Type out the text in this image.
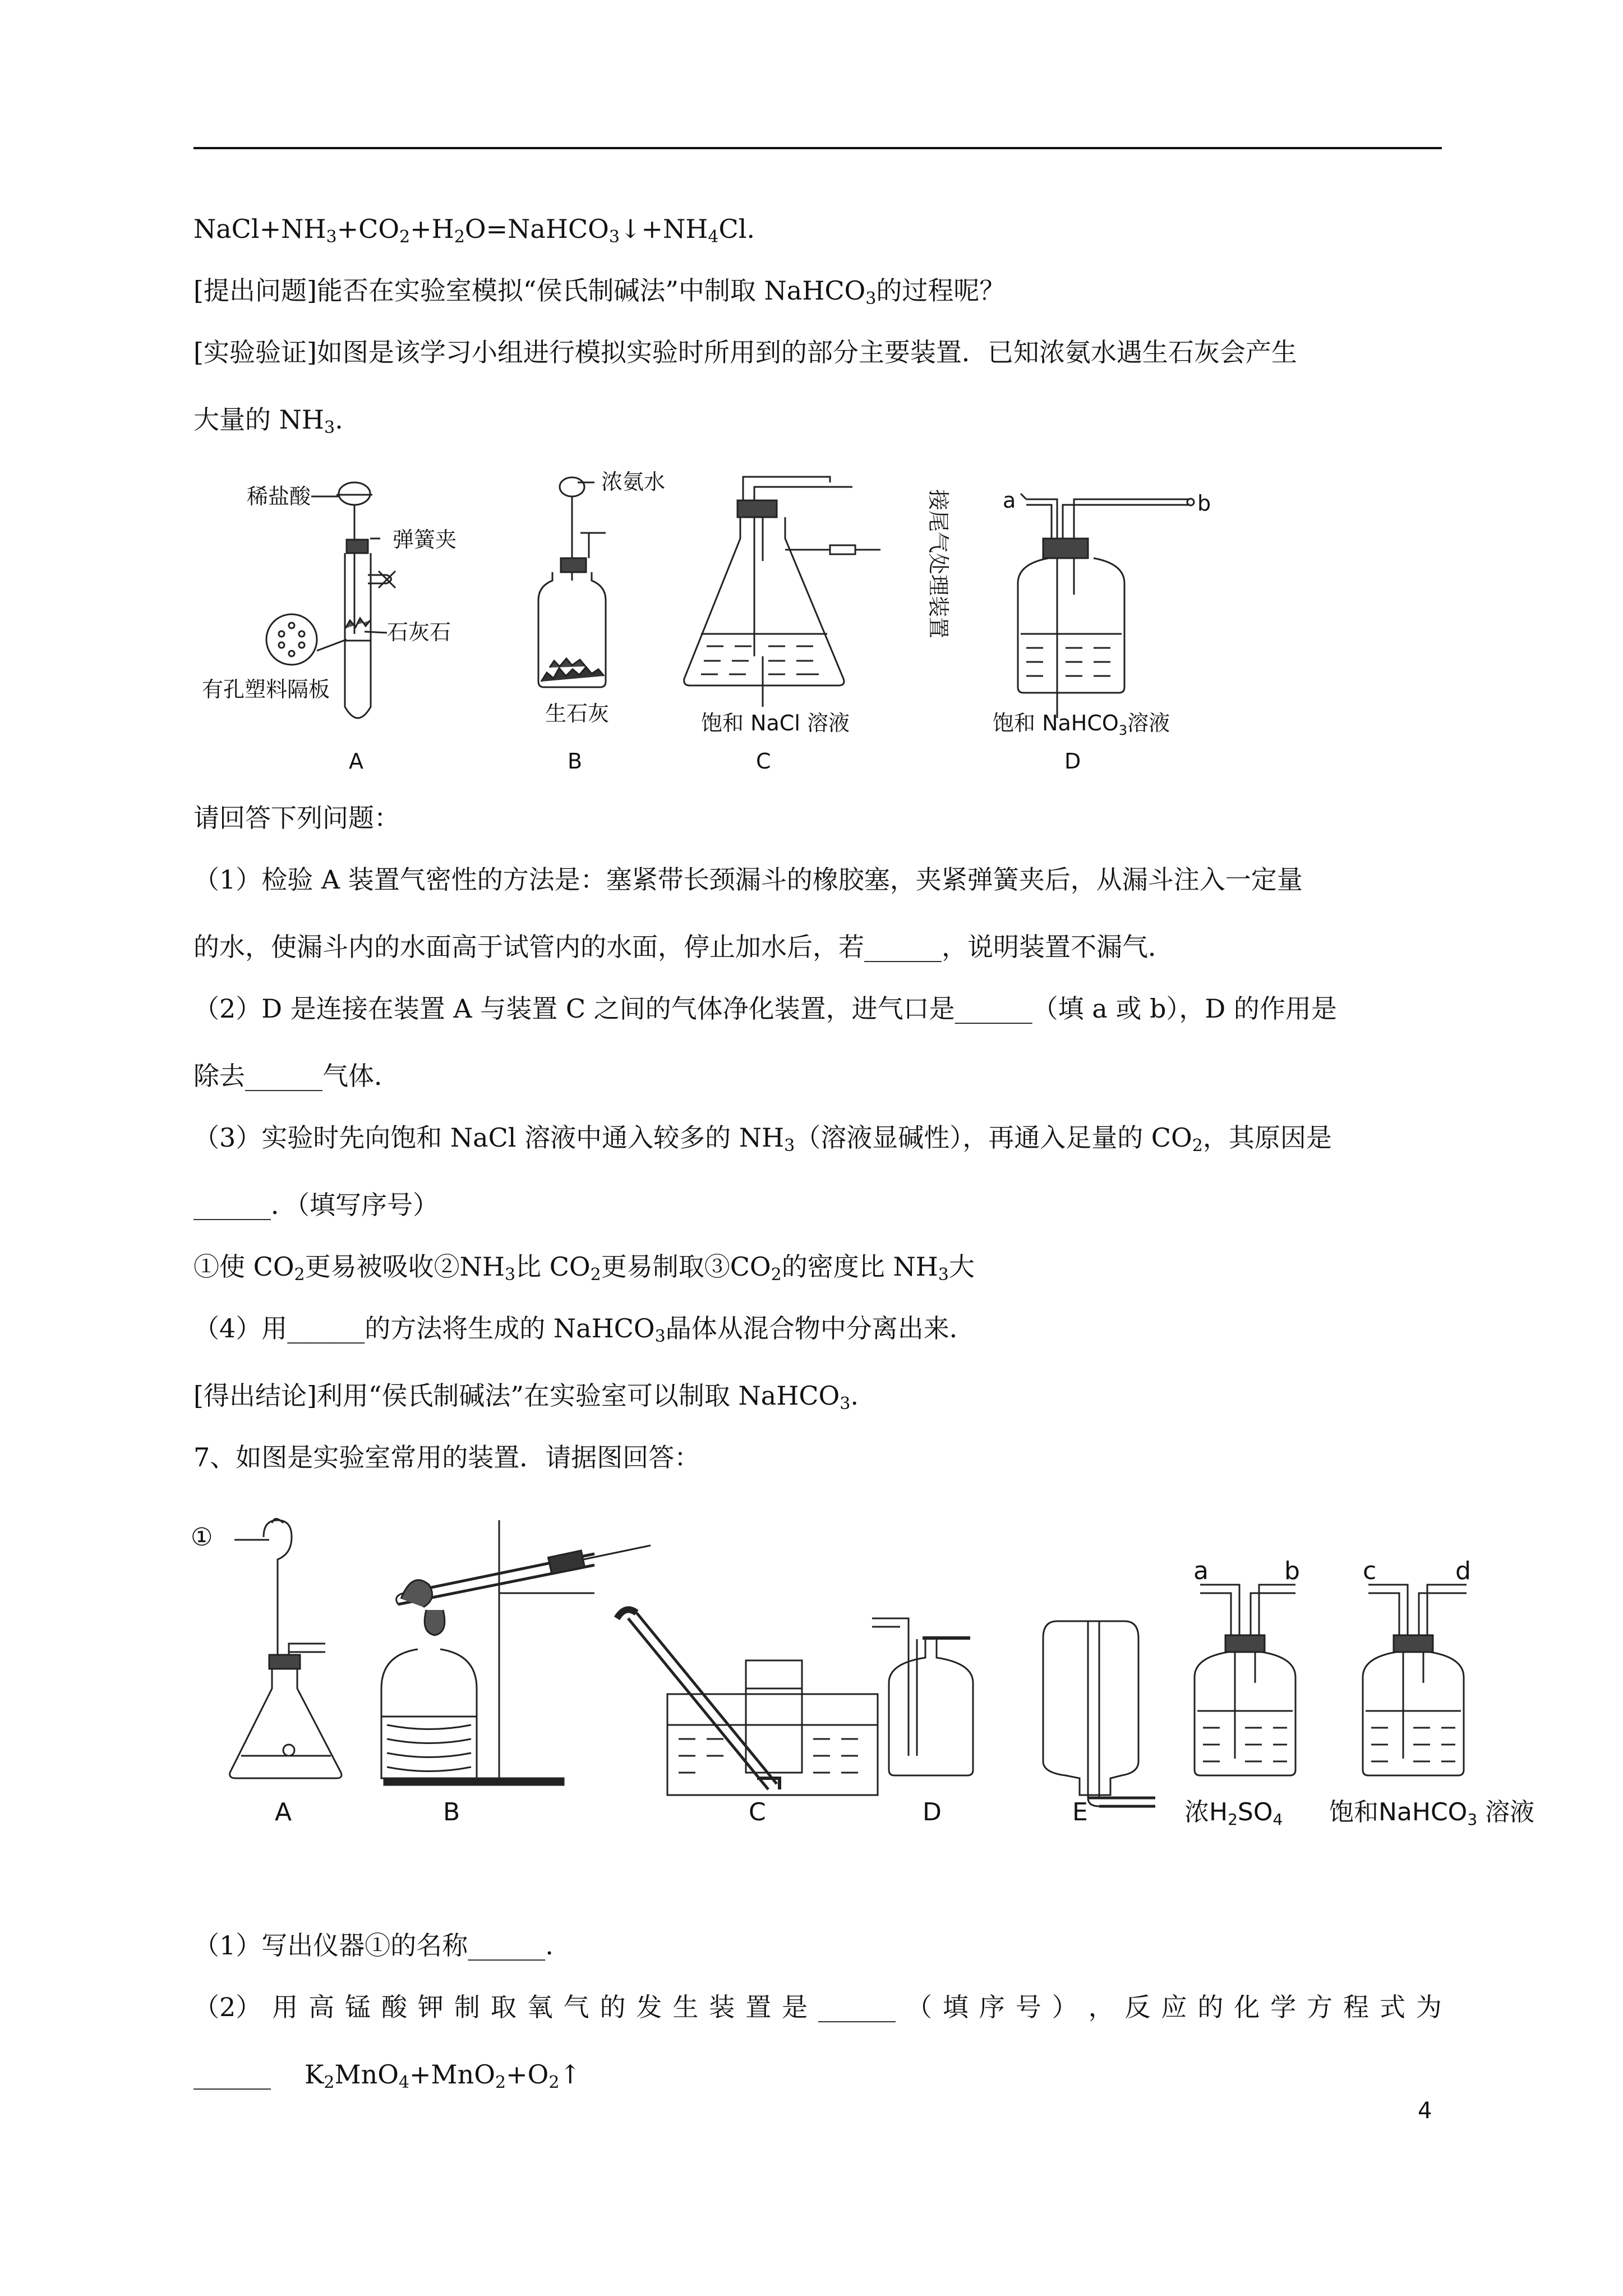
$NaCl+NH_3+CO_2+H_2O=NaHCO_3↓+NH_4Cl$.
[提出问题]能否在实验室模拟“侯氏制碱法”中制取 NaHCO$_3$的过程呢？
[实验验证]如图是该学习小组进行模拟实验时所用到的部分主要装置．已知浓氨水遇生石灰会产生
大量的 $NH_3$.
稀盐酸
弹簧夹
石灰石
有孔塑料隔板
A
浓氨水
生石灰
B
接尾气处理装置
饱和 NaCl 溶液
C
a	b
饱和 NaHCO$_3$溶液
D
请回答下列问题：
（1）检验 A 装置气密性的方法是：塞紧带长颈漏斗的橡胶塞，夹紧弹簧夹后，从漏斗注入一定量
的水，使漏斗内的水面高于试管内的水面，停止加水后，若______，说明装置不漏气．
（2）D 是连接在装置 A 与装置 C 之间的气体净化装置，进气口是______（填 a 或 b），D 的作用是
除去______气体．
（3）实验时先向饱和 NaCl 溶液中通入较多的 $NH_3$（溶液显碱性），再通入足量的 $CO_2$，其原因是
______．（填写序号）
①使 $CO_2$更易被吸收$②NH_3$比 $CO_2$更易制取$③CO_2$的密度比 $NH_3$大
（4）用______的方法将生成的 NaHCO$_3$晶体从混合物中分离出来．
[得出结论]利用“侯氏制碱法”在实验室可以制取 NaHCO$_3$.
7、如图是实验室常用的装置．请据图回答：
①
A	B	C	D	E
a	b	c	d
浓H2SO4 饱和NaHCO3 溶液
（1）写出仪器①的名称______.
（2） 用 高 锰 酸 钾 制 取 氧 气 的 发 生 装 置 是 ______ （ 填 序 号 ） ， 反 应 的 化 学 方 程 式 为
______ $K_2MnO_4+MnO_2+O_2↑$
4
